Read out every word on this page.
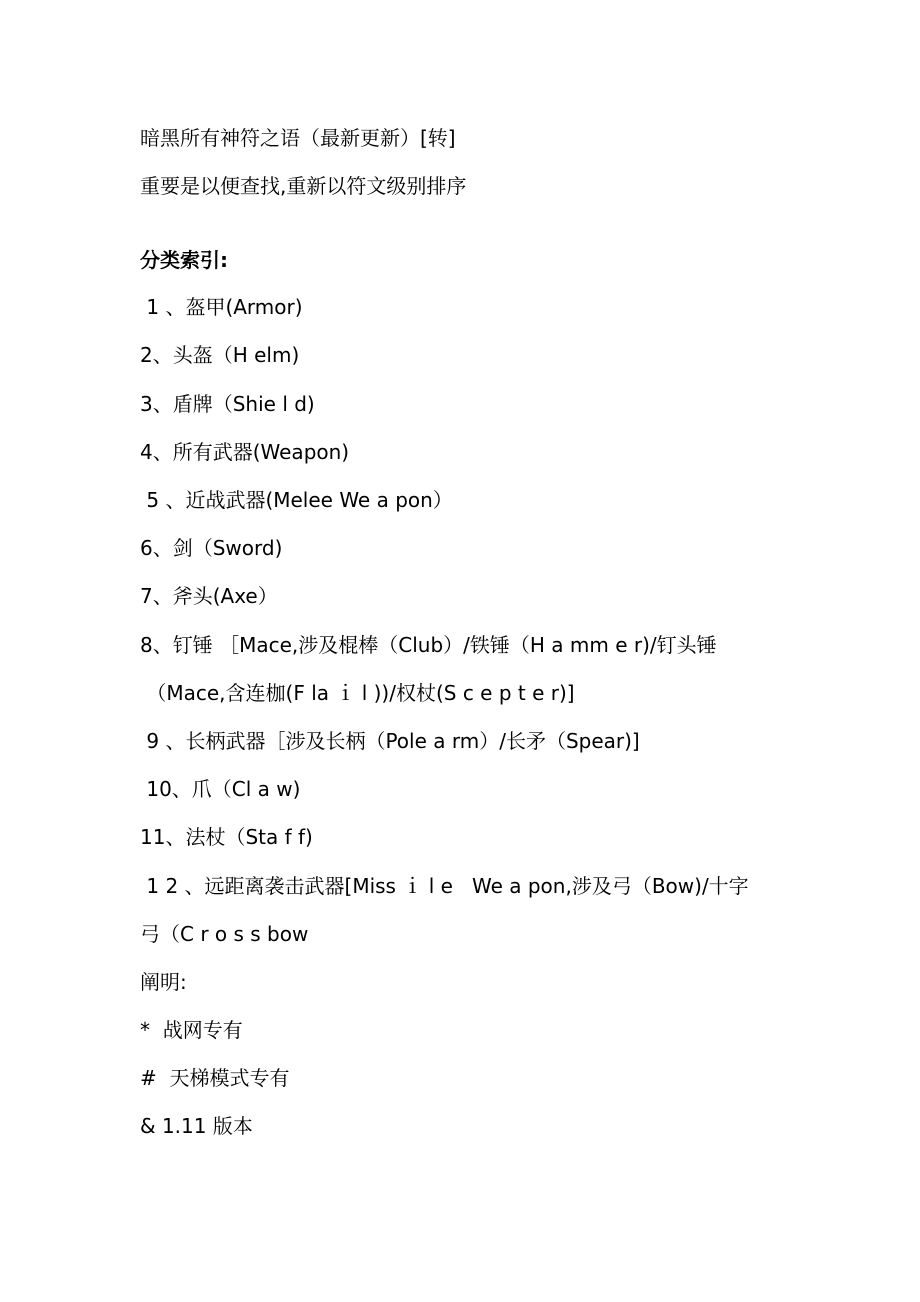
暗黑所有神符之语（最新更新）[转]

重要是以便查找,重新以符文级别排序

分类索引:

1 、盔甲(Armor)

2、头盔（H elm)

3、盾牌（Shie l d)

4、所有武器(Weapon)

5 、近战武器(Melee We a pon）

6、剑（Sword)

7、斧头(Axe）

8、钉锤 ［Mace,涉及棍棒（Club）/铁锤（H a mm e r)/钉头锤

（Mace,含连枷(F la ｉ l ))/权杖(S c e p t e r)]

9 、长柄武器［涉及长柄（Pole a rm）/长矛（Spear)]

10、爪（Cl a w)

11、法杖（Sta f f)

1 2 、远距离袭击武器[Miss ｉ l e   We a pon,涉及弓（Bow)/十字

弓（C r o s s bow

阐明:

*  战网专有

#  天梯模式专有

& 1.11 版本
